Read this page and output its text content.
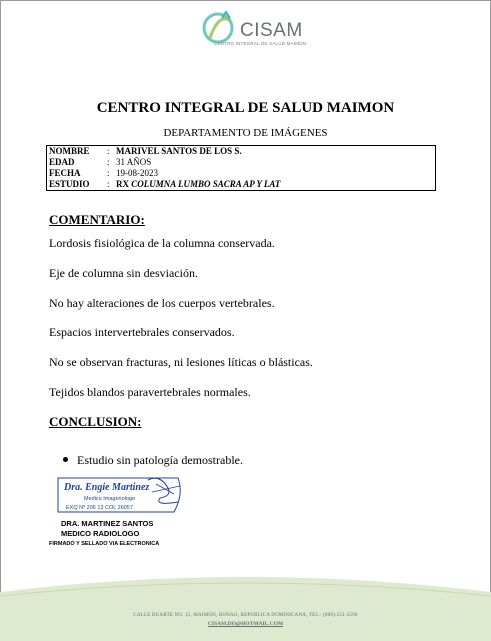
CISAM
CENTRO INTEGRAL DE SALUD MAIMON
CENTRO INTEGRAL DE SALUD MAIMON
DEPARTAMENTO DE IMÁGENES
NOMBRE : MARIVEL SANTOS DE LOS S.
EDAD	: 31 AÑOS
FECHA	: 19-08-2023
ESTUDIO : RX COLUMNA LUMBO SACRA AP Y LAT
COMENTARIO:
Lordosis fisiológica de la columna conservada.
Eje de columna sin desviación.
No hay alteraciones de los cuerpos vertebrales.
Espacios intervertebrales conservados.
No se observan fracturas, ni lesiones líticas o blásticas.
Tejidos blandos paravertebrales normales.
CONCLUSION:
Estudio sin patología demostrable.
Dra. Engie Martinez
Medico Imagenologo
EXQ Nº 206 13 COL 26057
DRA. MARTINEZ SANTOS
MEDICO RADIOLOGO
FIRMADO Y SELLADO VIA ELECTRONICA
CALLE DUARTE NO. 15, MAIMÓN, BONAO, REPUBLICA DOMINICANA, TEL.: (809)-551-2596
CISAM.DO@HOTMAIL.COM
